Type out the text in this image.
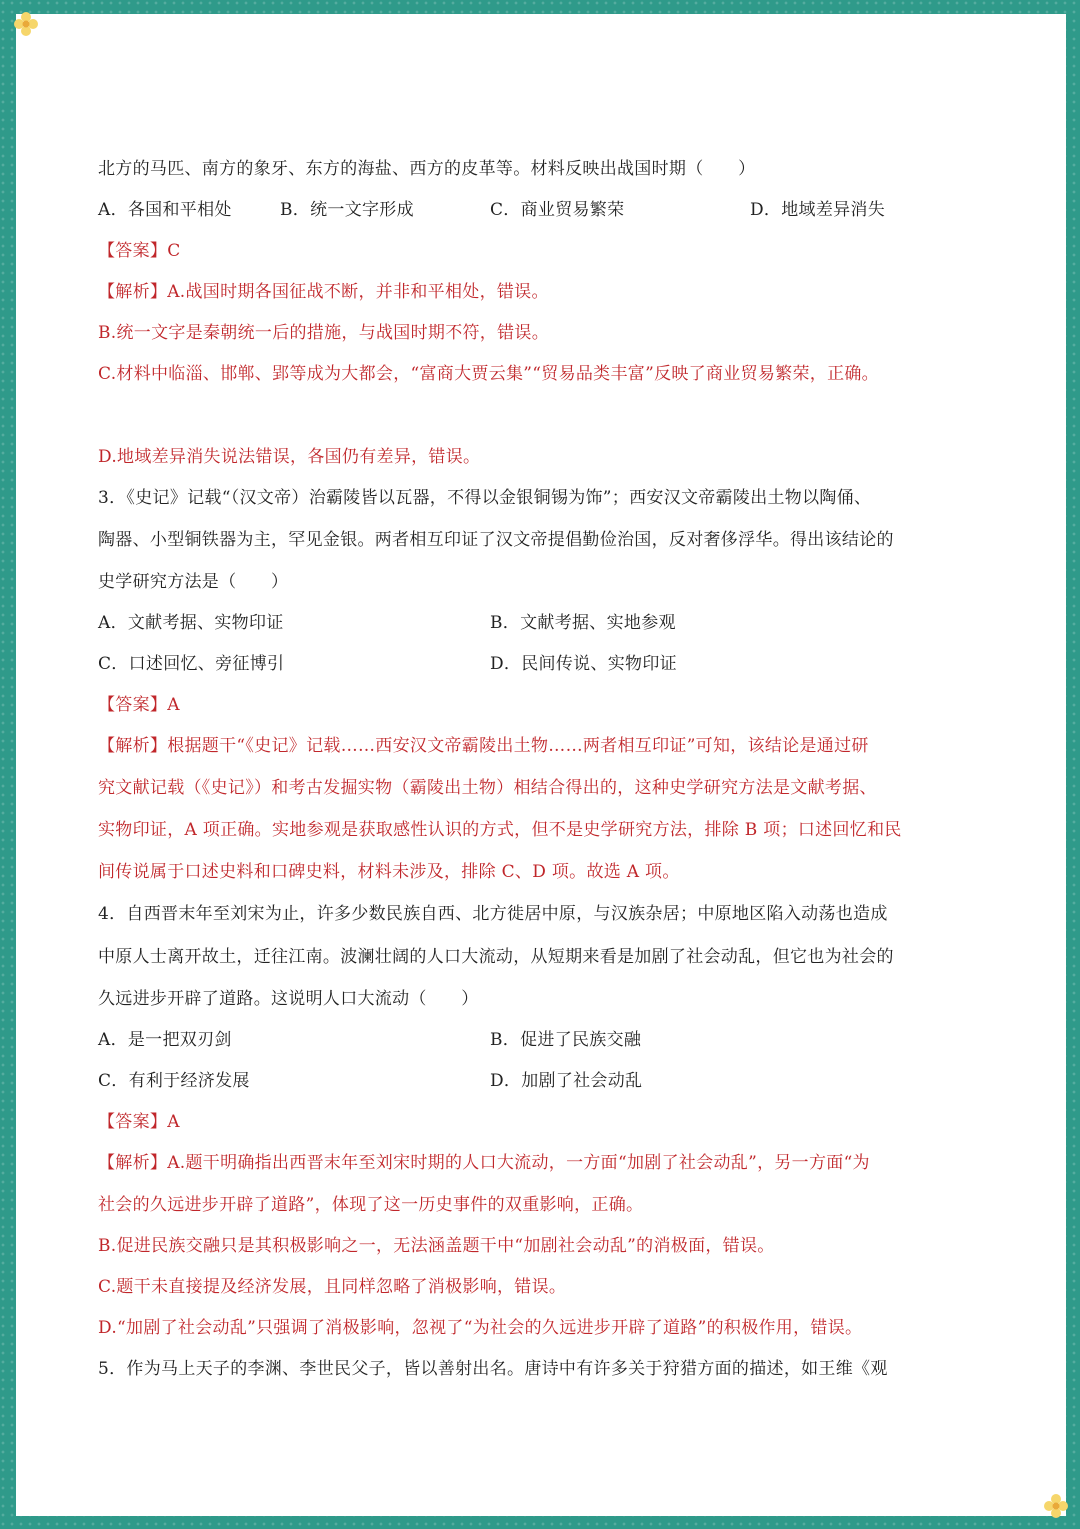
北方的马匹、南方的象牙、东方的海盐、西方的皮革等。材料反映出战国时期（　　）
A．各国和平相处	B．统一文字形成	C．商业贸易繁荣	D．地域差异消失
【答案】C
【解析】A.战国时期各国征战不断，并非和平相处，错误。
B.统一文字是秦朝统一后的措施，与战国时期不符，错误。
C.材料中临淄、邯郸、郢等成为大都会，“富商大贾云集”“贸易品类丰富”反映了商业贸易繁荣，正确。
D.地域差异消失说法错误，各国仍有差异，错误。
3．《史记》记载“（汉文帝）治霸陵皆以瓦器，不得以金银铜锡为饰”；西安汉文帝霸陵出土物以陶俑、
陶器、小型铜铁器为主，罕见金银。两者相互印证了汉文帝提倡勤俭治国，反对奢侈浮华。得出该结论的
史学研究方法是（　　）
A．文献考据、实物印证	B．文献考据、实地参观
C．口述回忆、旁征博引	D．民间传说、实物印证
【答案】A
【解析】根据题干“《史记》记载……西安汉文帝霸陵出土物……两者相互印证”可知，该结论是通过研
究文献记载（《史记》）和考古发掘实物（霸陵出土物）相结合得出的，这种史学研究方法是文献考据、
实物印证，A 项正确。实地参观是获取感性认识的方式，但不是史学研究方法，排除 B 项；口述回忆和民
间传说属于口述史料和口碑史料，材料未涉及，排除 C、D 项。故选 A 项。
4．自西晋末年至刘宋为止，许多少数民族自西、北方徙居中原，与汉族杂居；中原地区陷入动荡也造成
中原人士离开故土，迁往江南。波澜壮阔的人口大流动，从短期来看是加剧了社会动乱，但它也为社会的
久远进步开辟了道路。这说明人口大流动（　　）
A．是一把双刃剑	B．促进了民族交融
C．有利于经济发展	D．加剧了社会动乱
【答案】A
【解析】A.题干明确指出西晋末年至刘宋时期的人口大流动，一方面“加剧了社会动乱”，另一方面“为
社会的久远进步开辟了道路”，体现了这一历史事件的双重影响，正确。
B.促进民族交融只是其积极影响之一，无法涵盖题干中“加剧社会动乱”的消极面，错误。
C.题干未直接提及经济发展，且同样忽略了消极影响，错误。
D.“加剧了社会动乱”只强调了消极影响，忽视了“为社会的久远进步开辟了道路”的积极作用，错误。
5．作为马上天子的李渊、李世民父子，皆以善射出名。唐诗中有许多关于狩猎方面的描述，如王维《观
